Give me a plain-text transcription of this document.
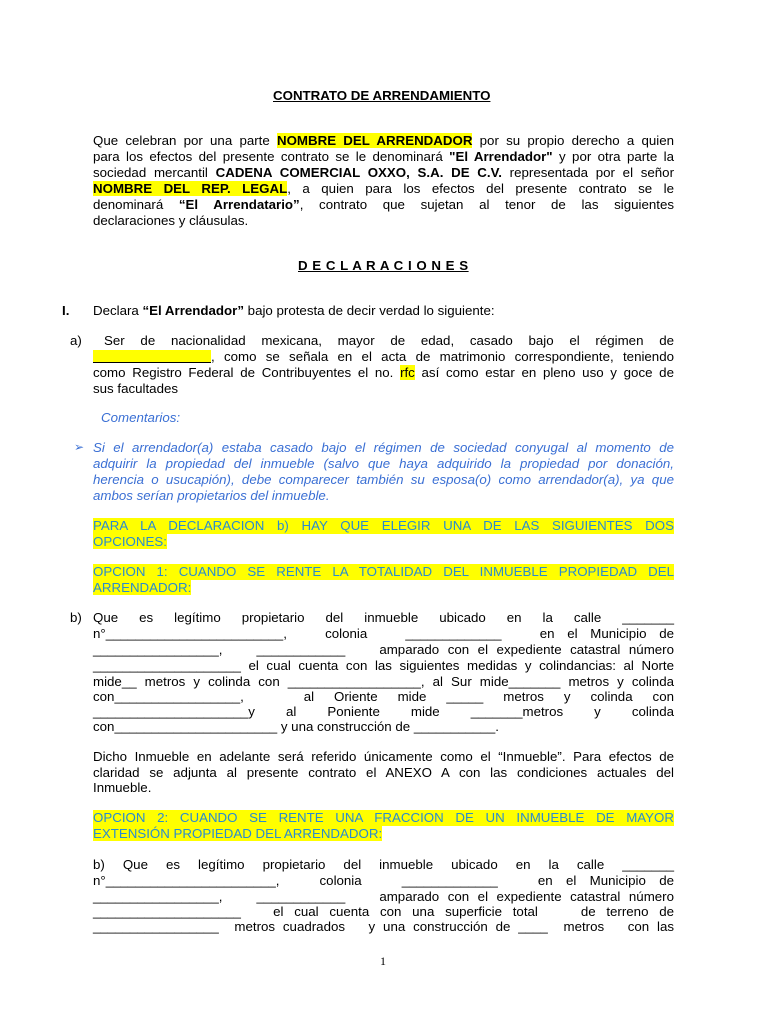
CONTRATO DE ARRENDAMIENTO
Que celebran por una parte NOMBRE DEL ARRENDADOR por su propio derecho a quien
para los efectos del presente contrato se le denominará "El Arrendador" y por otra parte la
sociedad mercantil CADENA COMERCIAL OXXO, S.A. DE C.V. representada por el señor
NOMBRE DEL REP. LEGAL, a quien para los efectos del presente contrato se le
denominará “El Arrendatario”, contrato que sujetan al tenor de las siguientes
declaraciones y cláusulas.
D E C L A R A C I O N E S
I. Declara “El Arrendador” bajo protesta de decir verdad lo siguiente:
a) Ser de nacionalidad mexicana, mayor de edad, casado bajo el régimen de
, como se señala en el acta de matrimonio correspondiente, teniendo
como Registro Federal de Contribuyentes el no. rfc así como estar en pleno uso y goce de
sus facultades
Comentarios:
➢ Si el arrendador(a) estaba casado bajo el régimen de sociedad conyugal al momento de
adquirir la propiedad del inmueble (salvo que haya adquirido la propiedad por donación,
herencia o usucapión), debe comparecer también su esposa(o) como arrendador(a), ya que
ambos serían propietarios del inmueble.
PARA LA DECLARACION b) HAY QUE ELEGIR UNA DE LAS SIGUIENTES DOS
OPCIONES:
OPCION 1: CUANDO SE RENTE LA TOTALIDAD DEL INMUEBLE PROPIEDAD DEL
ARRENDADOR:
b) Que   es   legítimo   propietario   del   inmueble   ubicado   en   la   calle   _______
n°________________________,         colonia         _____________         en   el   Municipio   de
_________________,    ____________    amparado con el expediente catastral número
____________________ el cual cuenta con las siguientes medidas y colindancias: al Norte
mide__ metros y colinda con __________________, al Sur mide_______ metros y colinda
con_________________,         al   Oriente   mide   _____   metros   y   colinda   con
_____________________y     al     Poniente     mide     _______metros     y     colinda
con______________________ y una construcción de ___________.
Dicho Inmueble en adelante será referido únicamente como el “Inmueble”. Para efectos de
claridad se adjunta al presente contrato el ANEXO A con las condiciones actuales del
Inmueble.
OPCION 2: CUANDO SE RENTE UNA FRACCION DE UN INMUEBLE DE MAYOR
EXTENSIÓN PROPIEDAD DEL ARRENDADOR:
b)   Que   es   legítimo   propietario   del   inmueble   ubicado   en   la   calle   _______
n°_______________________,         colonia         _____________         en   el   Municipio   de
_________________,    ____________    amparado con el expediente catastral número
____________________   el cual cuenta con una superficie total    de terreno de
_________________  metros cuadrados   y una construcción de ____  metros   con las
1
